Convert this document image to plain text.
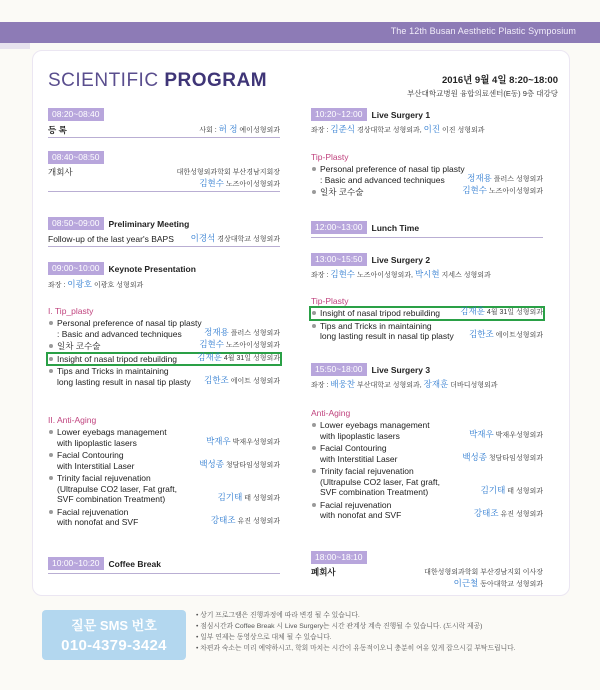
The 12th Busan Aesthetic Plastic Symposium
SCIENTIFIC PROGRAM	2016년 9월 4일 8:20~18:00
부산대학교병원 융합의료센터(E동) 9층 대강당
08:20~08:40
등 록	사회 : 허 정 예이성형외과
08:40~08:50
개회사	대한성형외과학회 부산경남지회장
김현수 노즈아이성형외과
08:50~09:00	Preliminary Meeting
Follow-up of the last year's BAPS 이경석 경상대학교 성형외과
09:00~10:00	Keynote Presentation
좌장 : 이광호 이광호 성형외과
I. Tip_plasty
Personal preference of nasal tip plasty
: Basic and advanced techniques	정재용 플러스 성형외과
일차 코수술	김현수 노즈아이성형외과
Insight of nasal tripod rebuilding	김재훈 4월 31일 성형외과
Tips and Tricks in maintaining
long lasting result in nasal tip plasty	김한조 에이트 성형외과
II. Anti-Aging
Lower eyebags management
with lipoplastic lasers	박재우 박재우성형외과
Facial Contouring
with Interstitial Laser	백성종 청담타임성형외과
Trinity facial rejuvenation
(Ultrapulse CO2 laser, Fat graft,
SVF combination Treatment)	김기태 태 성형외과
Facial rejuvenation
with nonofat and SVF	강태조 유진 성형외과
10:00~10:20	Coffee Break
10:20~12:00	Live Surgery 1
좌장 : 김준식 경상대학교 성형외과, 이진 이진 성형외과
Tip-Plasty
Personal preference of nasal tip plasty
: Basic and advanced techniques	정재용 플러스 성형외과
일차 코수술	김현수 노즈아이성형외과
12:00~13:00	Lunch Time
13:00~15:50	Live Surgery 2
좌장 : 김현수 노즈아이성형외과, 박시현 지세스 성형외과
Tip-Plasty
Insight of nasal tripod rebuilding	김재훈 4월 31일 성형외과
Tips and Tricks in maintaining
long lasting result in nasal tip plasty	김한조 에이트성형외과
15:50~18:00	Live Surgery 3
좌장 : 배웅찬 부산대학교 성형외과, 장재훈 더바디성형외과
Anti-Aging
Lower eyebags management
with lipoplastic lasers	박재우 박재우성형외과
Facial Contouring
with Interstitial Laser	백성종 청담타임성형외과
Trinity facial rejuvenation
(Ultrapulse CO2 laser, Fat graft,
SVF combination Treatment)	김기태 태 성형외과
Facial rejuvenation
with nonofat and SVF	강태조 유진 성형외과
18:00~18:10
폐회사	대한성형외과학회 부산경남지회 이사장
이근철 동아대학교 성형외과
질문 SMS 번호
010-4379-3424
• 상기 프로그램은 진행과정에 따라 변경 될 수 있습니다.
• 점심시간과 Coffee Break 시 Live Surgery는 시간 관계상 계속 진행될 수 있습니다. (도시락 제공)
• 일부 연제는 동영상으로 대체 될 수 있습니다.
• 차편과 숙소는 미리 예약하시고, 학회 마치는 시간이 유동적이오니 충분히 여유 있게 잡으시길 부탁드립니다.
